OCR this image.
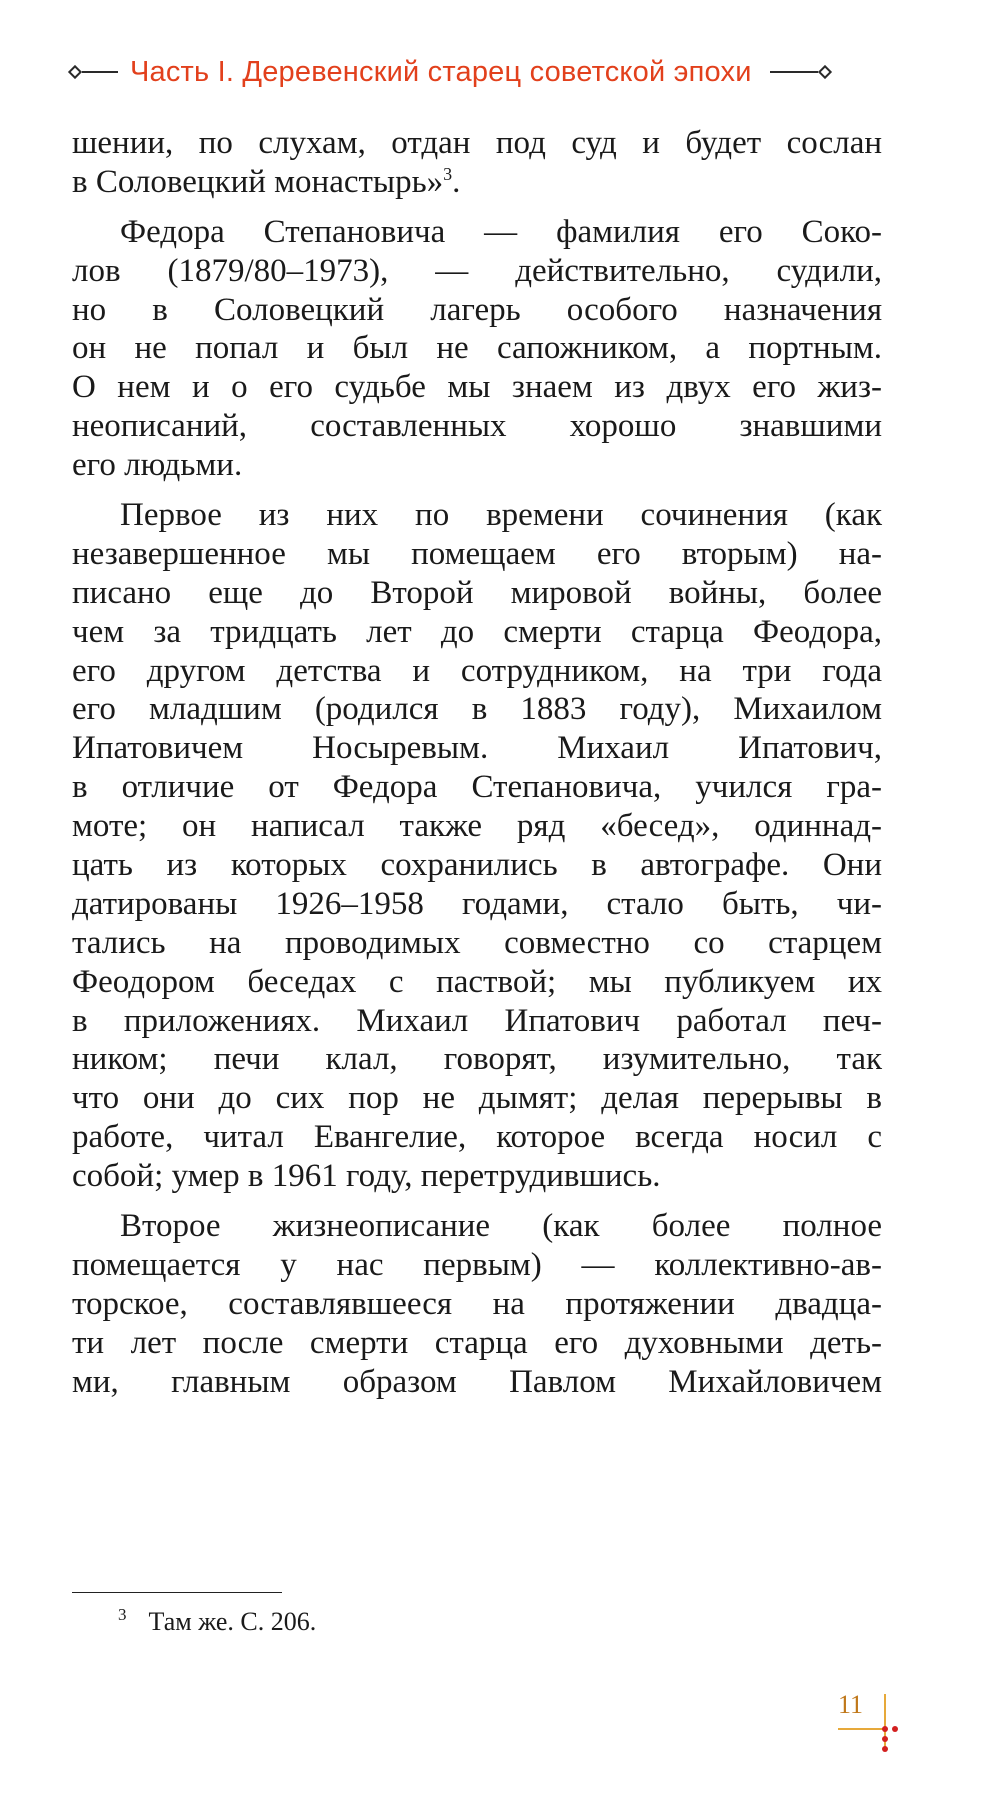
Часть I. Деревенский старец советской эпохи
шении, по слухам, отдан под суд и будет сослан
в Соловецкий монастырь»$^3$.
Федора Степановича — фамилия его Соко-
лов (1879/80–1973), — действительно, судили,
но в Соловецкий лагерь особого назначения
он не попал и был не сапожником, а портным.
О нем и о его судьбе мы знаем из двух его жиз-
неописаний, составленных хорошо знавшими
его людьми.
Первое из них по времени сочинения (как
незавершенное мы помещаем его вторым) на-
писано еще до Второй мировой войны, более
чем за тридцать лет до смерти старца Феодора,
его другом детства и сотрудником, на три года
его младшим (родился в 1883 году), Михаилом
Ипатовичем Носыревым. Михаил Ипатович,
в отличие от Федора Степановича, учился гра-
моте; он написал также ряд «бесед», одиннад-
цать из которых сохранились в автографе. Они
датированы 1926–1958 годами, стало быть, чи-
тались на проводимых совместно со старцем
Феодором беседах с паствой; мы публикуем их
в приложениях. Михаил Ипатович работал печ-
ником; печи клал, говорят, изумительно, так
что они до сих пор не дымят; делая перерывы в
работе, читал Евангелие, которое всегда носил с
собой; умер в 1961 году, перетрудившись.
Второе жизнеописание (как более полное
помещается у нас первым) — коллективно-ав-
торское, составлявшееся на протяжении двадца-
ти лет после смерти старца его духовными деть-
ми, главным образом Павлом Михайловичем
$^3$ Там же. С. 206.
11
